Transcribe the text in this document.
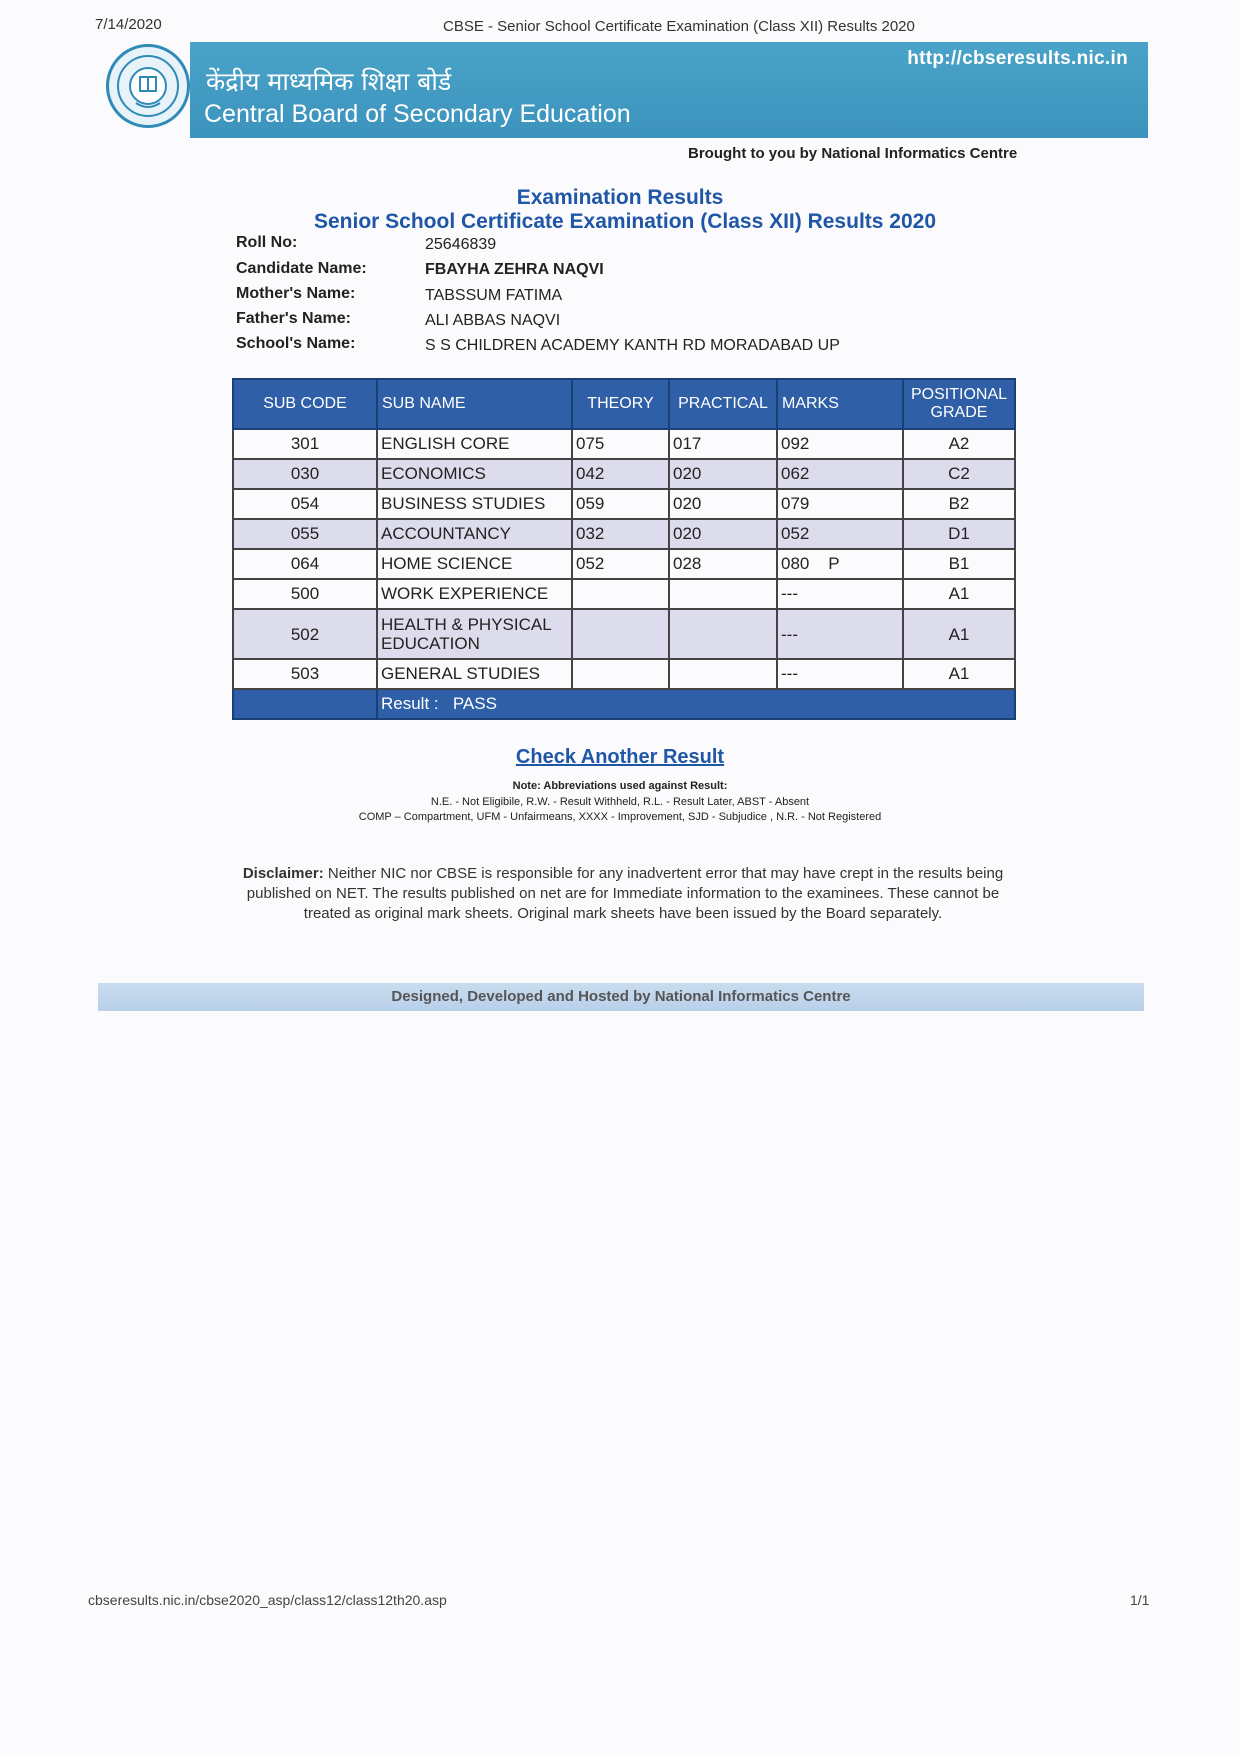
7/14/2020	CBSE - Senior School Certificate Examination (Class XII) Results 2020
http://cbseresults.nic.in
केंद्रीय माध्यमिक शिक्षा बोर्ड
Central Board of Secondary Education
Brought to you by National Informatics Centre
Examination Results
Senior School Certificate Examination (Class XII) Results 2020
Roll No:	25646839
Candidate Name:	FBAYHA ZEHRA NAQVI
Mother's Name:	TABSSUM FATIMA
Father's Name:	ALI ABBAS NAQVI
School's Name:	S S CHILDREN ACADEMY KANTH RD MORADABAD UP
SUB CODE	SUB NAME	THEORY	PRACTICAL	MARKS	POSITIONAL GRADE
301	ENGLISH CORE	075	017	092	A2
030	ECONOMICS	042	020	062	C2
054	BUSINESS STUDIES	059	020	079	B2
055	ACCOUNTANCY	032	020	052	D1
064	HOME SCIENCE	052	028	080    P	B1
500	WORK EXPERIENCE			---	A1
502	HEALTH & PHYSICAL EDUCATION			---	A1
503	GENERAL STUDIES			---	A1
	Result : PASS				
Check Another Result
Note: Abbreviations used against Result:
N.E. - Not Eligibile, R.W. - Result Withheld, R.L. - Result Later, ABST - Absent
COMP – Compartment, UFM - Unfairmeans, XXXX - Improvement, SJD - Subjudice , N.R. - Not Registered
Disclaimer: Neither NIC nor CBSE is responsible for any inadvertent error that may have crept in the results being published on NET. The results published on net are for Immediate information to the examinees. These cannot be treated as original mark sheets. Original mark sheets have been issued by the Board separately.
Designed, Developed and Hosted by National Informatics Centre
cbseresults.nic.in/cbse2020_asp/class12/class12th20.asp	1/1
